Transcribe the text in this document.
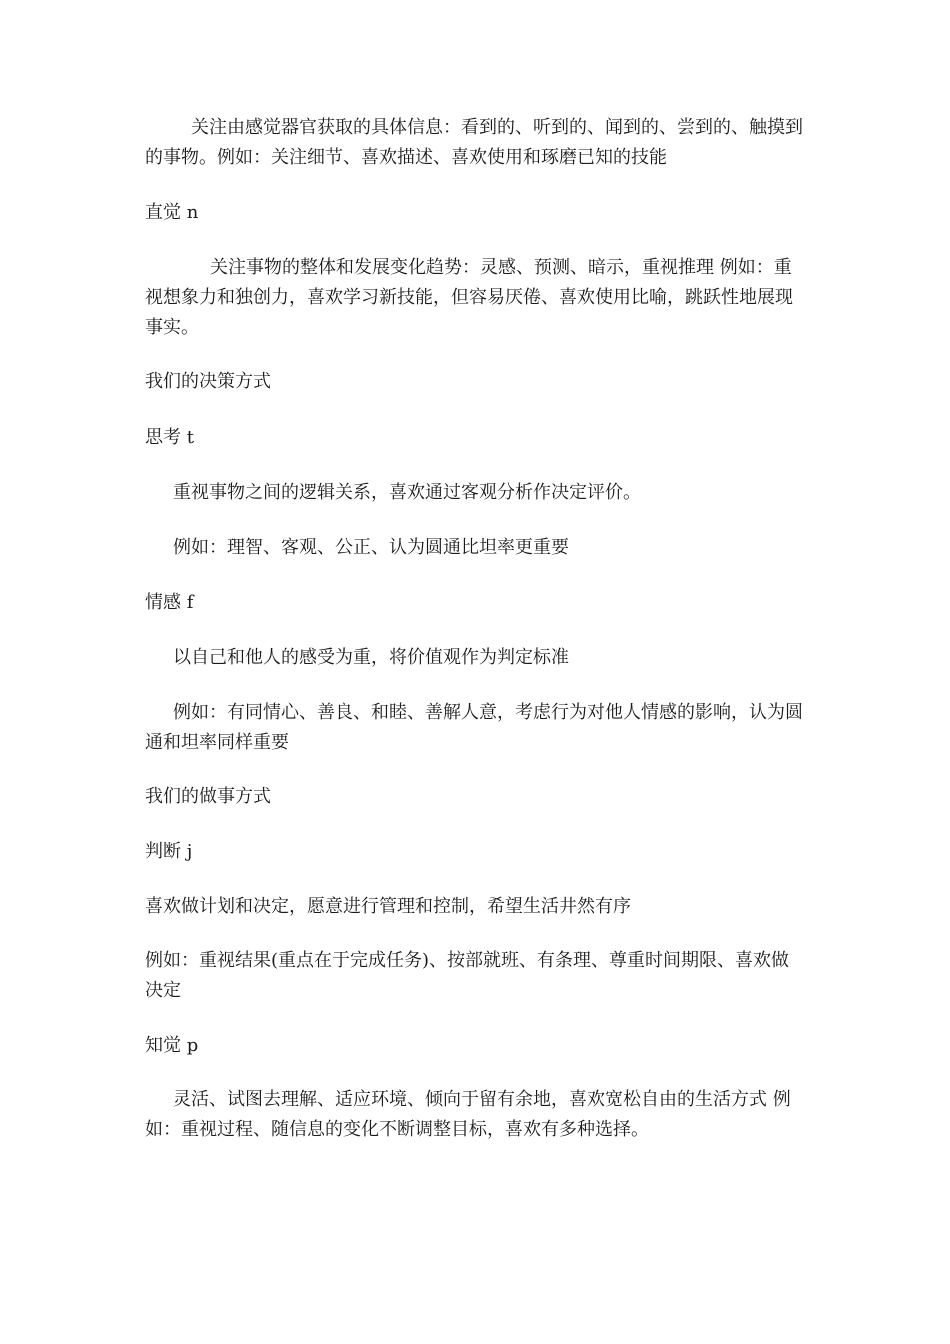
关注由感觉器官获取的具体信息：看到的、听到的、闻到的、尝到的、触摸到的事物。例如：关注细节、喜欢描述、喜欢使用和琢磨已知的技能

直觉 n

关注事物的整体和发展变化趋势：灵感、预测、暗示，重视推理 例如：重视想象力和独创力，喜欢学习新技能，但容易厌倦、喜欢使用比喻，跳跃性地展现事实。

我们的决策方式

思考 t

重视事物之间的逻辑关系，喜欢通过客观分析作决定评价。

例如：理智、客观、公正、认为圆通比坦率更重要

情感 f

以自己和他人的感受为重，将价值观作为判定标准

例如：有同情心、善良、和睦、善解人意，考虑行为对他人情感的影响，认为圆通和坦率同样重要

我们的做事方式

判断 j

喜欢做计划和决定，愿意进行管理和控制，希望生活井然有序

例如：重视结果(重点在于完成任务)、按部就班、有条理、尊重时间期限、喜欢做决定

知觉 p

灵活、试图去理解、适应环境、倾向于留有余地，喜欢宽松自由的生活方式 例如：重视过程、随信息的变化不断调整目标，喜欢有多种选择。
